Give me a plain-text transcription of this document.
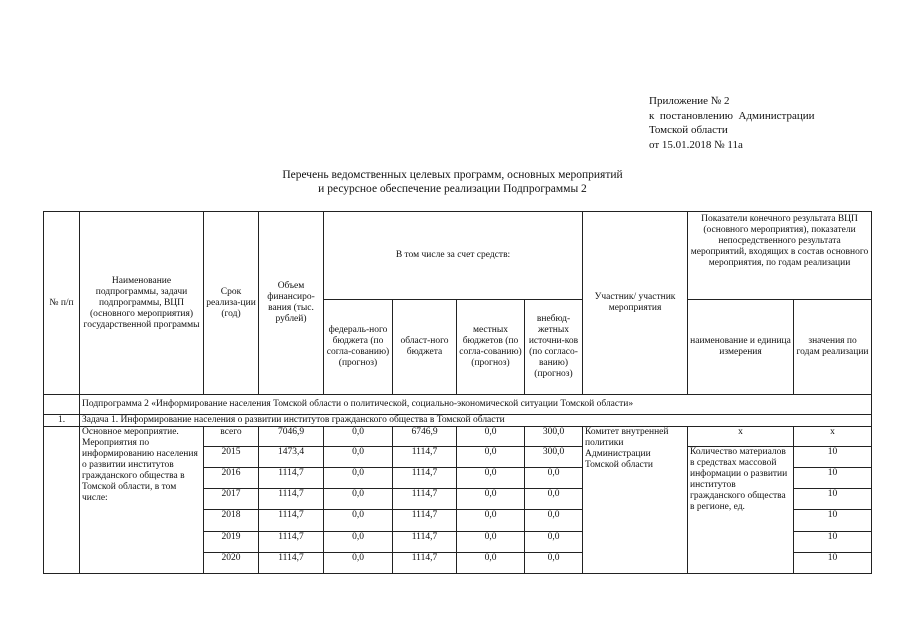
Приложение № 2
к  постановлению  Администрации
Томской области
от 15.01.2018 № 11а
Перечень ведомственных целевых программ, основных мероприятий
и ресурсное обеспечение реализации Подпрограммы 2
№ п/п	Наименование подпрограммы, задачи подпрограммы, ВЦП (основного мероприятия) государственной программы	Срок реализа-ции (год)	Объем финансиро-вания (тыс. рублей)	В том числе за счет средств:				Участник/ участник мероприятия	Показатели конечного результата ВЦП (основного мероприятия), показатели непосредственного результата мероприятий, входящих в состав основного мероприятия, по годам реализации	
				федераль-ного бюджета (по согла-сованию) (прогноз)	област-ного бюджета	местных бюджетов (по согла-сованию) (прогноз)	внебюд-жетных источни-ков (по согласо-ванию) (прогноз)		наименование и единица измерения	значения по годам реализации
	Подпрограмма 2 «Информирование населения Томской области о политической, социально-экономической ситуации Томской области»									
1.	Задача 1. Информирование населения о развитии институтов гражданского общества в Томской области									
	Основное мероприятие. Мероприятия по информированию населения о развитии институтов гражданского общества в Томской области, в том числе:	всего	7046,9	0,0	6746,9	0,0	300,0	Комитет внутренней политики Администрации Томской области	х	х
		2015	1473,4	0,0	1114,7	0,0	300,0		Количество материалов в средствах массовой информации о развитии институтов гражданского общества в регионе, ед.	10
		2016	1114,7	0,0	1114,7	0,0	0,0			10
		2017	1114,7	0,0	1114,7	0,0	0,0			10
		2018	1114,7	0,0	1114,7	0,0	0,0			10
		2019	1114,7	0,0	1114,7	0,0	0,0			10
		2020	1114,7	0,0	1114,7	0,0	0,0			10
